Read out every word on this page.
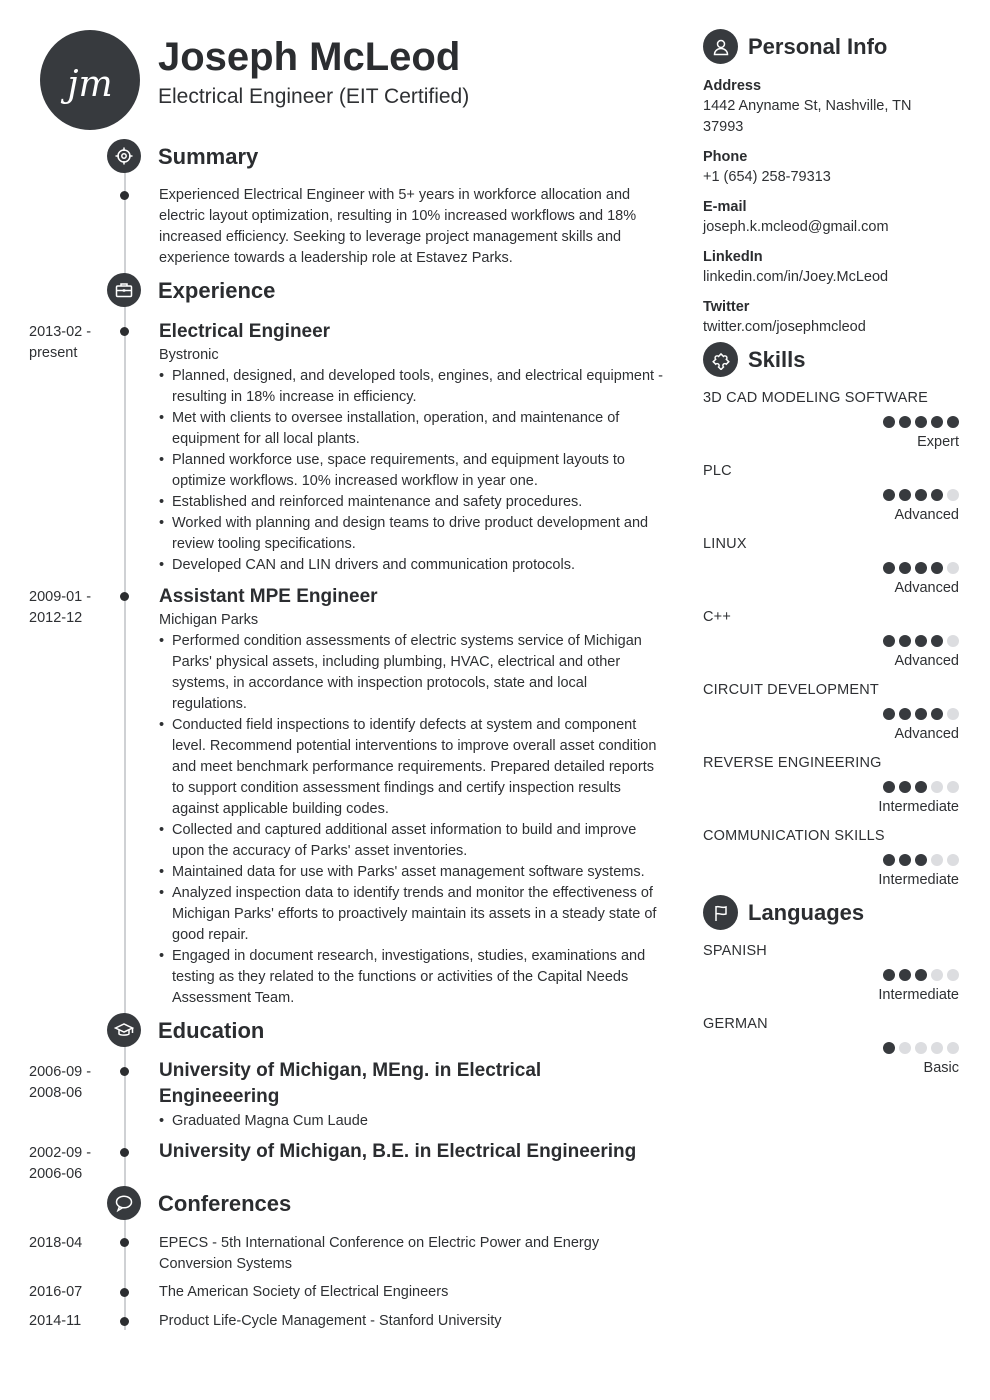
jm
Joseph McLeod
Electrical Engineer (EIT Certified)
Summary
Experienced Electrical Engineer with 5+ years in workforce allocation and electric layout optimization, resulting in 10% increased workflows and 18% increased efficiency. Seeking to leverage project management skills and experience towards a leadership role at Estavez Parks.
Experience
2013-02 - present
Electrical Engineer
Bystronic
• Planned, designed, and developed tools, engines, and electrical equipment - resulting in 18% increase in efficiency.
• Met with clients to oversee installation, operation, and maintenance of equipment for all local plants.
• Planned workforce use, space requirements, and equipment layouts to optimize workflows. 10% increased workflow in year one.
• Established and reinforced maintenance and safety procedures.
• Worked with planning and design teams to drive product development and review tooling specifications.
• Developed CAN and LIN drivers and communication protocols.
2009-01 - 2012-12
Assistant MPE Engineer
Michigan Parks
• Performed condition assessments of electric systems service of Michigan Parks' physical assets, including plumbing, HVAC, electrical and other systems, in accordance with inspection protocols, state and local regulations.
• Conducted field inspections to identify defects at system and component level. Recommend potential interventions to improve overall asset condition and meet benchmark performance requirements. Prepared detailed reports to support condition assessment findings and certify inspection results against applicable building codes.
• Collected and captured additional asset information to build and improve upon the accuracy of Parks' asset inventories.
• Maintained data for use with Parks' asset management software systems.
• Analyzed inspection data to identify trends and monitor the effectiveness of Michigan Parks' efforts to proactively maintain its assets in a steady state of good repair.
• Engaged in document research, investigations, studies, examinations and testing as they related to the functions or activities of the Capital Needs Assessment Team.
Education
2006-09 - 2008-06
University of Michigan, MEng. in Electrical Engineeering
• Graduated Magna Cum Laude
2002-09 - 2006-06
University of Michigan, B.E. in Electrical Engineering
Conferences
2018-04	EPECS - 5th International Conference on Electric Power and Energy Conversion Systems
2016-07	The American Society of Electrical Engineers
2014-11	Product Life-Cycle Management - Stanford University
Personal Info
Address
1442 Anyname St, Nashville, TN 37993
Phone
+1 (654) 258-79313
E-mail
joseph.k.mcleod@gmail.com
LinkedIn
linkedin.com/in/Joey.McLeod
Twitter
twitter.com/josephmcleod
Skills
3D CAD MODELING SOFTWARE
Expert
PLC
Advanced
LINUX
Advanced
C++
Advanced
CIRCUIT DEVELOPMENT
Advanced
REVERSE ENGINEERING
Intermediate
COMMUNICATION SKILLS
Intermediate
Languages
SPANISH
Intermediate
GERMAN
Basic
